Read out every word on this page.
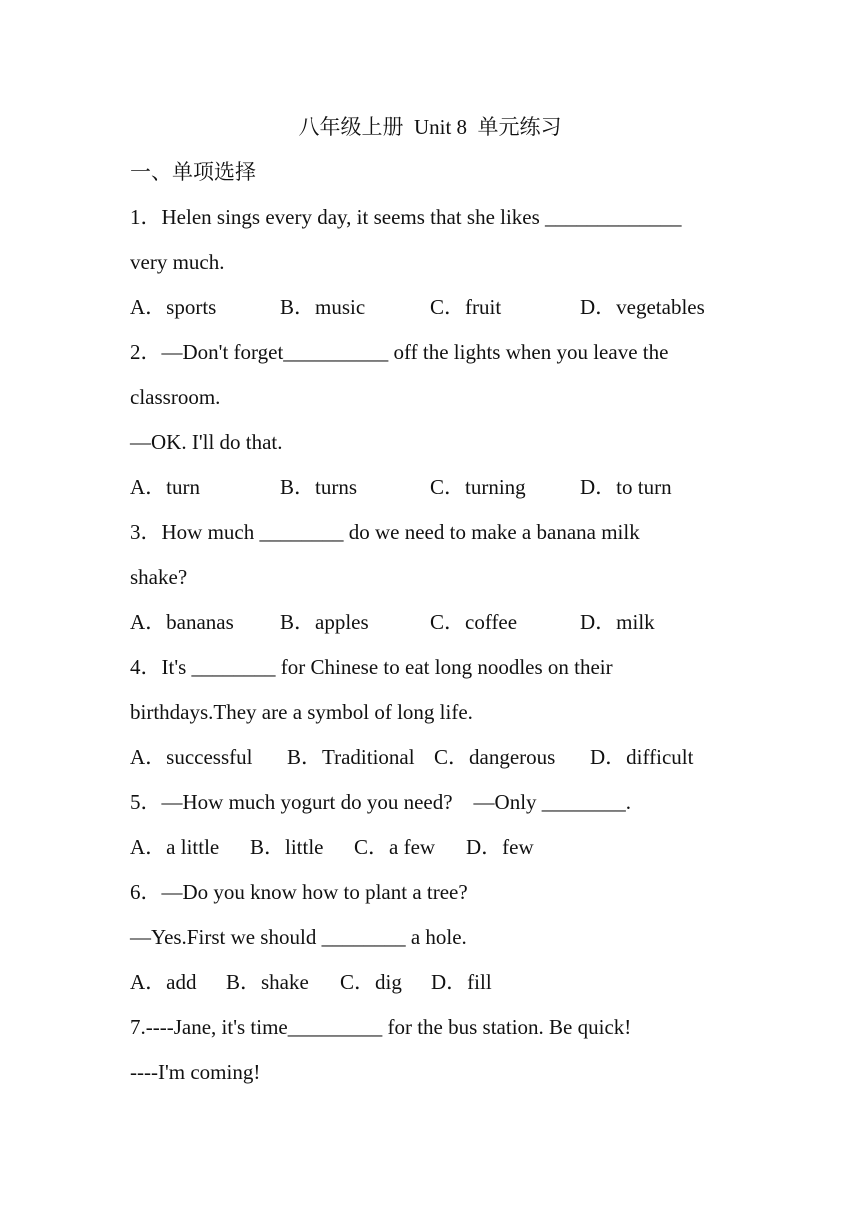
八年级上册  Unit 8  单元练习
一、单项选择
1．Helen sings every day, it seems that she likes _____________
very much.
A．sports	B．music	C．fruit	D．vegetables
2．—Don't forget__________ off the lights when you leave the
classroom.
—OK. I'll do that.
A．turn	B．turns	C．turning	D．to turn
3．How much ________ do we need to make a banana milk
shake?
A．bananas B．apples	C．coffee	D．milk
4．It's ________ for Chinese to eat long noodles on their
birthdays.They are a symbol of long life.
A．successful B．Traditional C．dangerous D．difficult
5．—How much yogurt do you need?    —Only ________.
A．a little B．little C．a few D．few
6．—Do you know how to plant a tree?
—Yes.First we should ________ a hole.
A．add B．shake C．dig D．fill
7.----Jane, it's time_________ for the bus station. Be quick!
----I'm coming!
